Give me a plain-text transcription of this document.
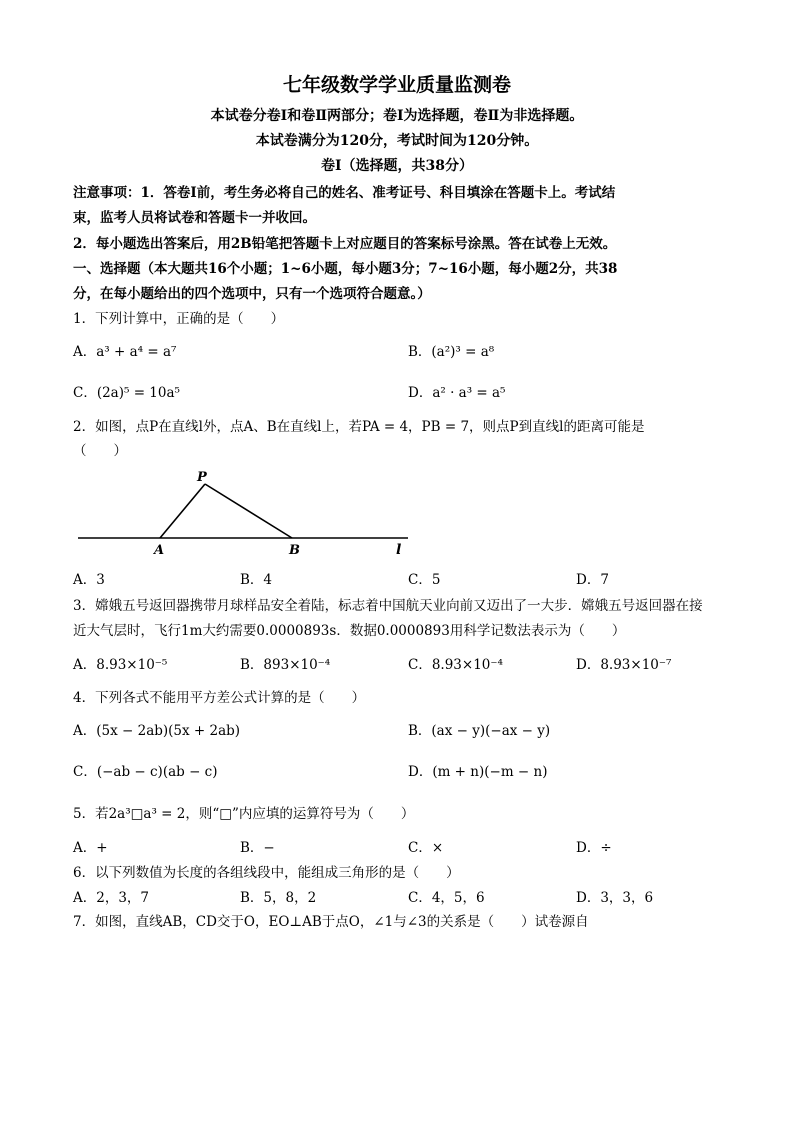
七年级数学学业质量监测卷
本试卷分卷Ⅰ和卷Ⅱ两部分；卷Ⅰ为选择题，卷Ⅱ为非选择题。
本试卷满分为120分，考试时间为120分钟。
卷Ⅰ（选择题，共38分）
注意事项：1．答卷Ⅰ前，考生务必将自己的姓名、准考证号、科目填涂在答题卡上。考试结
束，监考人员将试卷和答题卡一并收回。
2．每小题选出答案后，用2B铅笔把答题卡上对应题目的答案标号涂黑。答在试卷上无效。
一、选择题（本大题共16个小题；1~6小题，每小题3分；7~16小题，每小题2分，共38
分，在每小题给出的四个选项中，只有一个选项符合题意。）
1．下列计算中，正确的是（　　）
A．a³ + a⁴ = a⁷	B．(a²)³ = a⁸
C．(2a)⁵ = 10a⁵	D．a² · a³ = a⁵
2．如图，点P在直线l外，点A、B在直线l上，若PA = 4，PB = 7，则点P到直线l的距离可能是
（　　）
P
A	B	l
A．3	B．4	C．5	D．7
3．嫦娥五号返回器携带月球样品安全着陆，标志着中国航天业向前又迈出了一大步．嫦娥五号返回器在接
近大气层时，飞行1m大约需要0.0000893s．数据0.0000893用科学记数法表示为（　　）
A．8.93×10⁻⁵	B．893×10⁻⁴	C．8.93×10⁻⁴	D．8.93×10⁻⁷
4．下列各式不能用平方差公式计算的是（　　）
A．(5x − 2ab)(5x + 2ab)	B．(ax − y)(−ax − y)
C．(−ab − c)(ab − c)	D．(m + n)(−m − n)
5．若2a³□a³ = 2，则“□”内应填的运算符号为（　　）
A．+	B．−	C．×	D．÷
6．以下列数值为长度的各组线段中，能组成三角形的是（　　）
A．2，3，7	B．5，8，2	C．4，5，6	D．3，3，6
7．如图，直线AB，CD交于O，EO⊥AB于点O，∠1与∠3的关系是（　　）试卷源自
